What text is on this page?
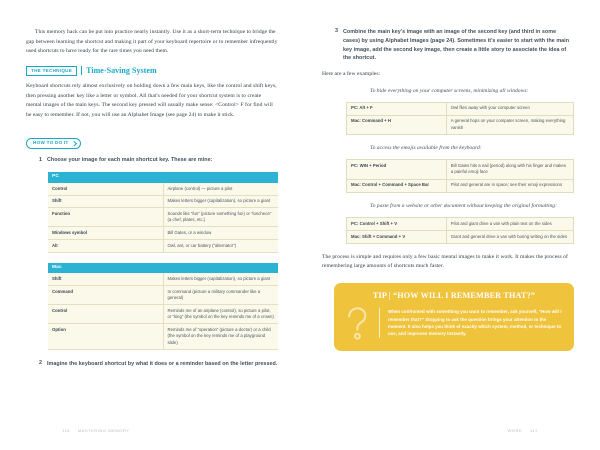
This memory hack can be put into practice nearly instantly. Use it as a short-term technique to bridge the gap between learning the shortcut and making it part of your keyboard repertoire or to remember infrequently used shortcuts to have ready for the rare times you need them.

THE TECHNIQUE	Time-Saving System

Keyboard shortcuts rely almost exclusively on holding down a few main keys, like the control and shift keys, then pressing another key like a letter or symbol. All that's needed for your shortcut system is to create mental images of the main keys. The second key pressed will usually make sense: <Control> F for find will be easy to remember. If not, you will use an Alphabet Image (see page 24) to make it stick.

HOW TO DO IT
1 Choose your image for each main shortcut key. These are mine:
PC	
Control	Airplane (control) — picture a pilot
Shift	Makes letters bigger (capitalization), so picture a giant
Function	Sounds like “fun” (picture something fun) or “luncheon” (a chef, plates, etc.)
Windows symbol	Bill Gates, or a window
Alt	Owl, ant, or car battery (“alternator”)
Mac	
Shift	Makes letters bigger (capitalization), so picture a giant
Command	In command (picture a military commander like a general)
Control	Reminds me of an airplane (control), so picture a pilot, or “king” (the symbol on the key reminds me of a crown)
Option	Reminds me of “operation” (picture a doctor) or a child (the symbol on the key reminds me of a playground slide)
2 Imagine the keyboard shortcut by what it does or a reminder based on the letter pressed.
116 MASTERING MEMORY
3 Combine the main key's image with an image of the second key (and third in some cases) by using Alphabet Images (page 24). Sometimes it's easier to start with the main key image, add the second key image, then create a little story to associate the idea of the shortcut.

Here are a few examples:

To hide everything on your computer screens, minimizing all windows:

PC: Alt + F	Owl flies away with your computer screen
Mac: Command + H	A general hops on your computer screen, making everything vanish

To access the emojis available from the keyboard:

PC: WIN + Period	Bill Gates hits a nail (period) along with his finger and makes a painful emoji face
Mac: Control + Command + Space Bar	Pilot and general are in space; see their emoji expressions

To paste from a website or other document without keeping the original formatting:

PC: Control + Shift + V	Pilot and giant drive a van with plain text on the sides
Mac: Shift + Command + V	Giant and general drive a van with boring writing on the sides

The process is simple and requires only a few basic mental images to make it work. It makes the process of remembering large amounts of shortcuts much faster.

TIP | “HOW WILL I REMEMBER THAT?”
When confronted with something you want to remember, ask yourself, “How will I remember that?” Stopping to ask the question brings your attention to the moment. It also helps you think of exactly which system, method, or technique to use, and improves memory instantly.
WORK 117
